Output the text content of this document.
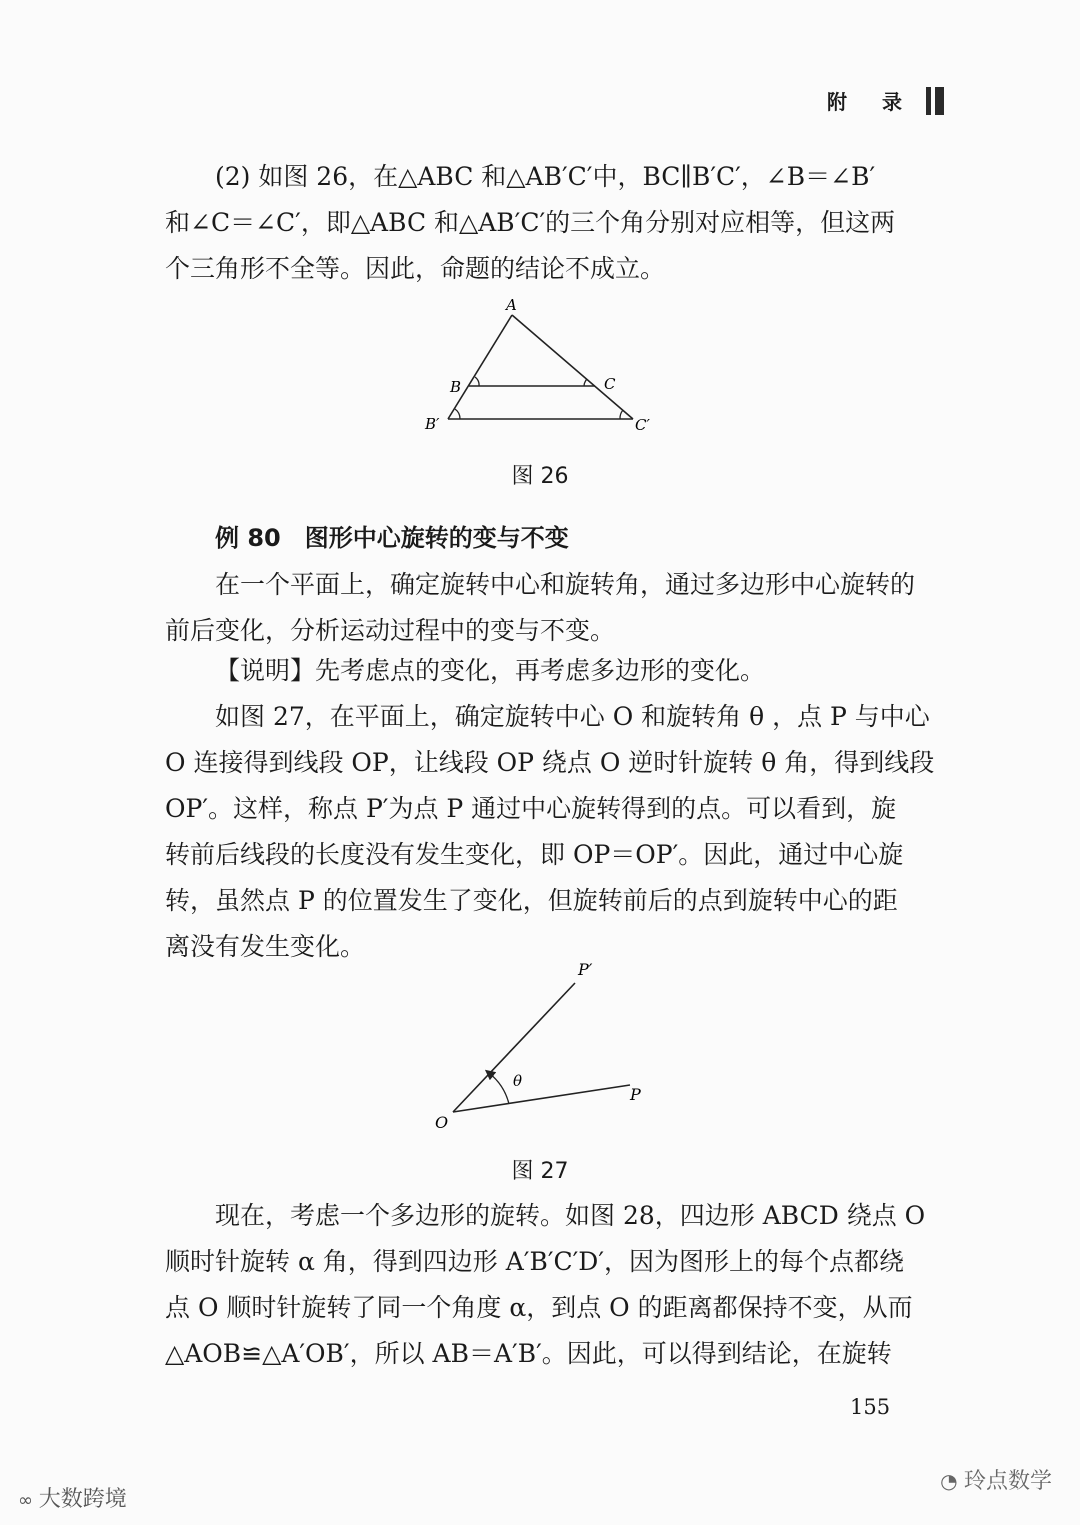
附 录

(2) 如图 26，在△ABC 和△AB′C′中，BC∥B′C′，∠B＝∠B′
和∠C＝∠C′，即△ABC 和△AB′C′的三个角分别对应相等，但这两
个三角形不全等。因此，命题的结论不成立。

A
B	C
B′	C′
图 26
例 80 图形中心旋转的变与不变

在一个平面上，确定旋转中心和旋转角，通过多边形中心旋转的
前后变化，分析运动过程中的变与不变。

【说明】先考虑点的变化，再考虑多边形的变化。

如图 27，在平面上，确定旋转中心 O 和旋转角 θ ，点 P 与中心
O 连接得到线段 OP，让线段 OP 绕点 O 逆时针旋转 θ 角，得到线段
OP′。这样，称点 P′为点 P 通过中心旋转得到的点。可以看到，旋
转前后线段的长度没有发生变化，即 OP＝OP′。因此，通过中心旋
转，虽然点 P 的位置发生了变化，但旋转前后的点到旋转中心的距
离没有发生变化。

θ
O
P
P′
图 27

现在，考虑一个多边形的旋转。如图 28，四边形 ABCD 绕点 O
顺时针旋转 α 角，得到四边形 A′B′C′D′，因为图形上的每个点都绕
点 O 顺时针旋转了同一个角度 α，到点 O 的距离都保持不变，从而
△AOB≌△A′OB′，所以 AB＝A′B′。因此，可以得到结论，在旋转

155
∞ 大数跨境
◔ 玲点数学
